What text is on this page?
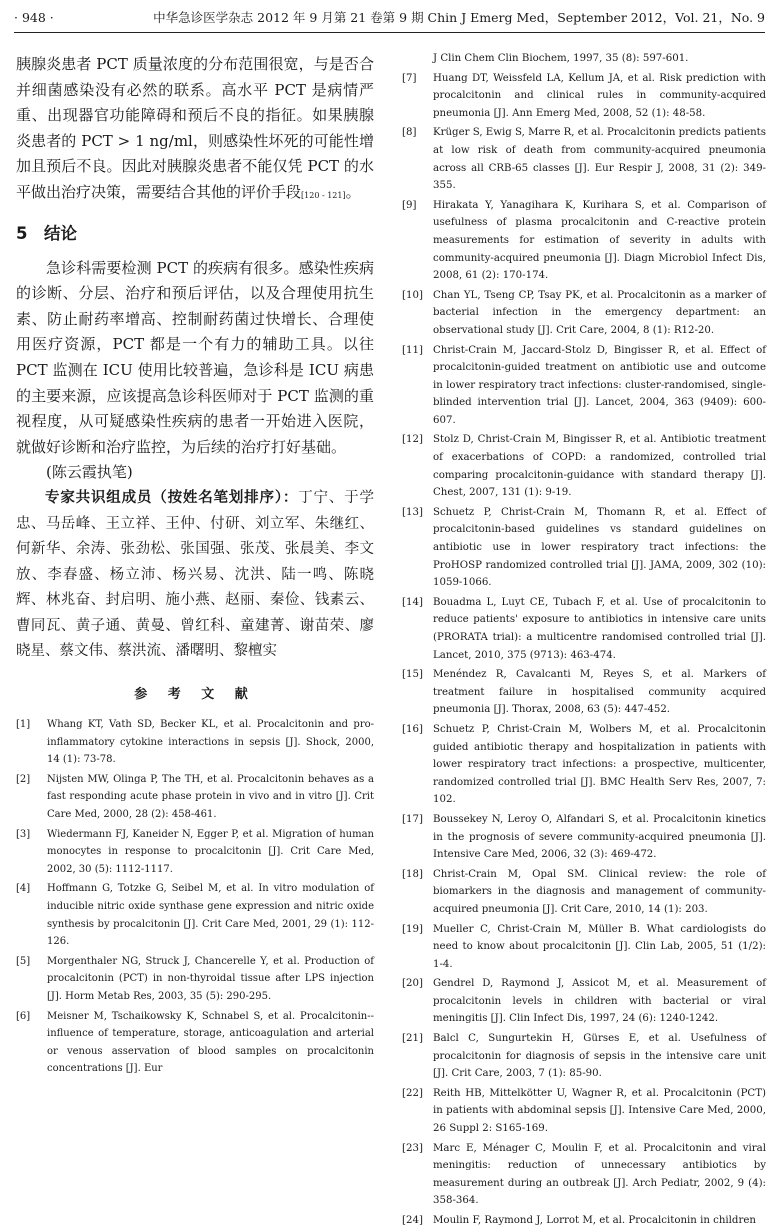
· 948 ·	中华急诊医学杂志 2012 年 9 月第 21 卷第 9 期 Chin J Emerg Med，September 2012，Vol. 21，No. 9

胰腺炎患者 PCT 质量浓度的分布范围很宽，与是否合并细菌感染没有必然的联系。高水平 PCT 是病情严重、出现器官功能障碍和预后不良的指征。如果胰腺炎患者的 PCT > 1 ng/ml，则感染性坏死的可能性增加且预后不良。因此对胰腺炎患者不能仅凭 PCT 的水平做出治疗决策，需要结合其他的评价手段[120 - 121]。

5 结论

急诊科需要检测 PCT 的疾病有很多。感染性疾病的诊断、分层、治疗和预后评估，以及合理使用抗生素、防止耐药率增高、控制耐药菌过快增长、合理使用医疗资源，PCT 都是一个有力的辅助工具。以往 PCT 监测在 ICU 使用比较普遍，急诊科是 ICU 病患的主要来源，应该提高急诊科医师对于 PCT 监测的重视程度，从可疑感染性疾病的患者一开始进入医院，就做好诊断和治疗监控，为后续的治疗打好基础。

(陈云霞执笔)

专家共识组成员（按姓名笔划排序）：丁宁、于学忠、马岳峰、王立祥、王仲、付研、刘立军、朱继红、何新华、余涛、张劲松、张国强、张茂、张晨美、李文放、李春盛、杨立沛、杨兴易、沈洪、陆一鸣、陈晓辉、林兆奋、封启明、施小燕、赵丽、秦俭、钱素云、曹同瓦、黄子通、黄曼、曾红科、童建菁、谢苗荣、廖晓星、蔡文伟、蔡洪流、潘曙明、黎檀实

参 考 文 献
[1] Whang KT, Vath SD, Becker KL, et al. Procalcitonin and pro-inflammatory cytokine interactions in sepsis [J]. Shock, 2000, 14 (1): 73-78.
[2] Nijsten MW, Olinga P, The TH, et al. Procalcitonin behaves as a fast responding acute phase protein in vivo and in vitro [J]. Crit Care Med, 2000, 28 (2): 458-461.
[3] Wiedermann FJ, Kaneider N, Egger P, et al. Migration of human monocytes in response to procalcitonin [J]. Crit Care Med, 2002, 30 (5): 1112-1117.
[4] Hoffmann G, Totzke G, Seibel M, et al. In vitro modulation of inducible nitric oxide synthase gene expression and nitric oxide synthesis by procalcitonin [J]. Crit Care Med, 2001, 29 (1): 112-126.
[5] Morgenthaler NG, Struck J, Chancerelle Y, et al. Production of procalcitonin (PCT) in non-thyroidal tissue after LPS injection [J]. Horm Metab Res, 2003, 35 (5): 290-295.
[6] Meisner M, Tschaikowsky K, Schnabel S, et al. Procalcitonin--influence of temperature, storage, anticoagulation and arterial or venous asservation of blood samples on procalcitonin concentrations [J]. Eur
J Clin Chem Clin Biochem, 1997, 35 (8): 597-601.
[7] Huang DT, Weissfeld LA, Kellum JA, et al. Risk prediction with procalcitonin and clinical rules in community-acquired pneumonia [J]. Ann Emerg Med, 2008, 52 (1): 48-58.
[8] Krüger S, Ewig S, Marre R, et al. Procalcitonin predicts patients at low risk of death from community-acquired pneumonia across all CRB-65 classes [J]. Eur Respir J, 2008, 31 (2): 349-355.
[9] Hirakata Y, Yanagihara K, Kurihara S, et al. Comparison of usefulness of plasma procalcitonin and C-reactive protein measurements for estimation of severity in adults with community-acquired pneumonia [J]. Diagn Microbiol Infect Dis, 2008, 61 (2): 170-174.
[10] Chan YL, Tseng CP, Tsay PK, et al. Procalcitonin as a marker of bacterial infection in the emergency department: an observational study [J]. Crit Care, 2004, 8 (1): R12-20.
[11] Christ-Crain M, Jaccard-Stolz D, Bingisser R, et al. Effect of procalcitonin-guided treatment on antibiotic use and outcome in lower respiratory tract infections: cluster-randomised, single-blinded intervention trial [J]. Lancet, 2004, 363 (9409): 600-607.
[12] Stolz D, Christ-Crain M, Bingisser R, et al. Antibiotic treatment of exacerbations of COPD: a randomized, controlled trial comparing procalcitonin-guidance with standard therapy [J]. Chest, 2007, 131 (1): 9-19.
[13] Schuetz P, Christ-Crain M, Thomann R, et al. Effect of procalcitonin-based guidelines vs standard guidelines on antibiotic use in lower respiratory tract infections: the ProHOSP randomized controlled trial [J]. JAMA, 2009, 302 (10): 1059-1066.
[14] Bouadma L, Luyt CE, Tubach F, et al. Use of procalcitonin to reduce patients' exposure to antibiotics in intensive care units (PRORATA trial): a multicentre randomised controlled trial [J]. Lancet, 2010, 375 (9713): 463-474.
[15] Menéndez R, Cavalcanti M, Reyes S, et al. Markers of treatment failure in hospitalised community acquired pneumonia [J]. Thorax, 2008, 63 (5): 447-452.
[16] Schuetz P, Christ-Crain M, Wolbers M, et al. Procalcitonin guided antibiotic therapy and hospitalization in patients with lower respiratory tract infections: a prospective, multicenter, randomized controlled trial [J]. BMC Health Serv Res, 2007, 7: 102.
[17] Boussekey N, Leroy O, Alfandari S, et al. Procalcitonin kinetics in the prognosis of severe community-acquired pneumonia [J]. Intensive Care Med, 2006, 32 (3): 469-472.
[18] Christ-Crain M, Opal SM. Clinical review: the role of biomarkers in the diagnosis and management of community-acquired pneumonia [J]. Crit Care, 2010, 14 (1): 203.
[19] Mueller C, Christ-Crain M, Müller B. What cardiologists do need to know about procalcitonin [J]. Clin Lab, 2005, 51 (1/2): 1-4.
[20] Gendrel D, Raymond J, Assicot M, et al. Measurement of procalcitonin levels in children with bacterial or viral meningitis [J]. Clin Infect Dis, 1997, 24 (6): 1240-1242.
[21] Balcl C, Sungurtekin H, Gürses E, et al. Usefulness of procalcitonin for diagnosis of sepsis in the intensive care unit [J]. Crit Care, 2003, 7 (1): 85-90.
[22] Reith HB, Mittelkötter U, Wagner R, et al. Procalcitonin (PCT) in patients with abdominal sepsis [J]. Intensive Care Med, 2000, 26 Suppl 2: S165-169.
[23] Marc E, Ménager C, Moulin F, et al. Procalcitonin and viral meningitis: reduction of unnecessary antibiotics by measurement during an outbreak [J]. Arch Pediatr, 2002, 9 (4): 358-364.
[24] Moulin F, Raymond J, Lorrot M, et al. Procalcitonin in children
